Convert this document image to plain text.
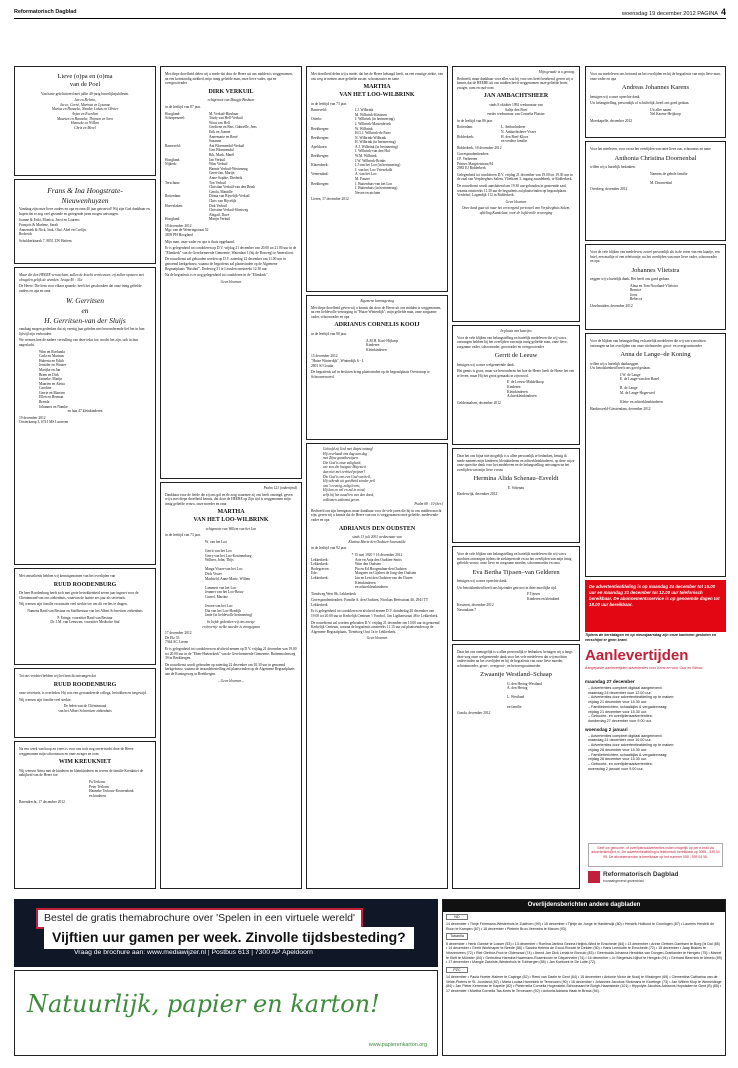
Reformatorisch Dagblad	woensdag 19 december 2012 PAGINA 4
Lieve (o)pa en (o)ma
van de Poel
Van harte gefeliciteerd met jullie 40-jarig huwelijksjubileum.
Jan en Helena,
Jacco, Cornè, Marinus en Lysanne
Marius en Hanneke, Nander, Lukas en Olivier
Arjan en Everdien
Maarten en Hanneke, Thijmen en Sven
Hanneke en Willem
Chris en Merel
Frans & Ina Hoogstrate-
Nieuwenhuyzen
Vandaag zijn onze lieve ouders en opa en oma 40 jaar getrouwd! Wij zijn God dankbaar en hopen dat er nog veel gezonde en gezegende jaren mogen ontvangen.
Joanne & Erikt, Monica, Joost en Laurens
François & Marlene, Sarah
Annemiek & Nick, Izak, Olaf, Abel en Corlijn
Roderick
Schokkerkaarsk 7, 8051 ZW Hattem
Maar die den HEERE verwachten, zullen de kracht vernieuwen; zij zullen opvaren met vleugelen gelijk de arenden. Jesaja 40 : 31a
De Heere, Die hem voor elkaar spaarde, heeft het geschonken dat onze innig geliefde ouders en opa en oma
W. Gerritsen
en
H. Gerritsen-van der Sluijs
vandaag mogen gedenken dat zij veertig jaar geleden met bewonderende lief het in hun lijfstijl zijn verbonden.
We wensen hen de nadere vervulling van deze tekst toe, mocht het zijn, ook in hun nageslacht.
Wim en Roelanda
Carla en Marinus
Hubertu en Edith
Jennifer en Wouter
Marijke en Jan
Bram en Dirk
Janneke, Marijn
Maarten en Aletta
Caroline
Gerrie en Marrien
Ellen en Herman
Brenda
Johannes en Namke
en hun 47 kleinkinderen
19 december 2012
Oosterkamp 3, 6741 MS Lunteren
Met ontsteltenis hebben wij kennisgenomen van het overlijden van
RUUD ROODENBURG
De heer Roodenburg heeft zich met grote betrokkenheid zeven jaar ingezet voor de Clientenraad van ons ziekenhuis, waarvan de laatste zes jaar als secretaris.
Wij wensen zijn familie en naasten veel sterkte toe om dit verlies te dragen.
Namens Raad van Bestuur en Staffbestuur van het Albert Schweitzer ziekenhuis
P. Eringa, voorzitter Raad van Bestuur
Dr. J.M. van Leeuwen, voorzitter Medische Staf
Tot ons verdriet hebben wij het bericht ontvangen dat
RUUD ROODENBURG
onze secretaris, is overleden. Hij was een gewaardeerde collega, betrokken en toegewijd.
Wij wensen zijn familie veel sterkte.
De leden van de Cliëntenraad
van het Albert Schweitzer ziekenhuis
Na een week van hoop en vrees is voor ons toch nog onverwacht door de Heere weggenomen mijn schoonzoon en onze zwager en oom
WIM KREUKNIET
Wij wensen Arina met de kinderen en kleinkinderen en tevens de familie Kreukniet de nabijheid van de Heere toe.
Pa Terlouw
Peter Terlouw
Hanneke Terlouw-Kronendonk
en kinderen
Barendrecht, 17 december 2012
Met diepe droefheid delen wij u mede dat door de Heere uit ons midden is weggenomen, na een kortstondig ziekbed, mijn innig geliefde man, onze lieve vader, opa en overgrootvader
DIRK VERKUIL
echtgenoot van Maagje Boshuar
in de leeftijd van 87 jaar.
Hoogland:	M. Verkuil-Bieshaar
Scherpenzeel:	Trudy van Hell-Verkuil
Wout van Hell
Gerdiene en Bert, Gabriëlle, Jens
Erik en Joanne
Annemarie en René
Suzanne
Barneveld:	Ant Bloemendal-Verkuil
Gert Bloemendal
Rik, Mark, Marël
Hoogland:	Jan Verkuil
Nijkerk:	Wim Verkuil
Hannie Verkuil-Westeneng
Geert-Jan, Marije,
Anne-Sophie, Diederik
Terschuur:	Ton Verkuil
Christian Verkuil-van den Brink
Carola, Mantille
Rotterdam:	Dirma van Bijvelijk-Verkuil
Chris van Bijvelijk
Hoevelaken:	Dirk Verkuil
Christine Verkuil-Sloetweg
Abigail, Dave
Hoogland:	Marijn Verkuil
18 december 2012
Mgr. van de Weteringstraat 52
3839 PH Hoogland
Mijn man, onze vader en opa is thuis opgebaard.
Er is gelegenheid tot condoleren op D.V. vrijdag 21 december van 20.00 tot 21.00 uur in de "Elimkerk" van de Gereformeerde Gemeente, Watenlaat 1 (hij de Bosweg) te Amersfoort.
De rouwdienst zal gehouden worden op D.V. zaterdag 22 december om 11.00 uur in genoemd kerkgebouw, waarna de begrafenis zal plaatsvinden op de Algemene Begraafplaats "Rusthof", Dodeweg 31 te Leusden omstreeks 12.30 uur.
Na de begrafenis is er nog gelegenheid tot condoleren in de "Elimkerk".
Geen bloemen
Psalm 121 (onberijmd)
Dankbaar voor de liefde die zij ons gaf en de zorg waarmee zij ons heeft omringd, geven wij u met diepe droefheid kennis, dat door de HEERE op Zijn tijd is weggenomen mijn innig geliefde vrouw, onze moeder en oma
MARTHA
VAN HET LOO-WILBRINK
echtgenote van Willem van het Loo
in de leeftijd van 73 jaar.
W. van het Loo

Gerrit van het Loo
Gerry van het Loo-Koninenburg
Wilbert, John, Thijs

Marga Visser-van het Loo
Dick Visser
Machteld, Anne-Marie, Willem

Lammert van het Loo
Jeannet van het Loo-Bouw
Cornel, Martine

Jeroen van het Loo
Dia van het Loo-Hoedijk
Jante (in liefdevolle herinnering)
In liefde gedenken wij ons zwesje
en broertje welke moeder is voorgegaan
17 december 2012
De Elz 35
7364 AC Lieren
Er is gelegenheid tot condoleren en afscheid nemen op D.V. vrijdag 21 december van 19.00 tot 20.00 uur in de "Eben-Haëzerkerk" van de Gereformeerde Gemeente, Buitenmolenweg 39 in Beekbergen.
De rouwdienst wordt gehouden op zaterdag 22 december om 10.30 uur in genoemd kerkgebouw, waarna de teraardebestelling zal plaatsvinden op de Algemene Begraafplaats aan de Koningsweg in Beekbergen.
– Geen bloemen –
Met droefheid delen wij u mede, dat het de Heere behaagd heeft, na een ernstige ziekte, van ons weg te nemen onze geliefde zuster, schoonzuster en tante
MARTHA
VAN HET LOO-WILBRINK
in de leeftijd van 73 jaar.
Barneveld:	J.J. Wilbrink
M. Wilbrink-Klaassen
Otterlo:	J. Wilbrink (in herinnering)
J. Wilbrink-Mastenbroek
Beekbergen:	W. Wilbrink
H.G.J. Wilbrink-de Pater
Beekbergen:	N. Wilbrink-Wilbrink
H. Wilbrink (in herinnering)
Apeldoorn:	A.J. Wilbrink (in herinnering)
J. Wilbrink-van den Hul
Beekbergen:	W.M. Wilbrink
J.W. Wilbrink-Brinks
Klarenbeek:	J.J.van het Loo (in herinnering)
J. van het Loo-Vriezekolk
Veenendaal:	A. van het Loo
M. Fauzer
Beekbergen:	J. Buitenhuis-van het Loo
J. Buitenhuis (in herinnering)
Neven en nichten
Lieren, 17 december 2012
Algemene kennisgeving
Met diepe droefheid geven wij u kennis dat door de Heere uit ons midden is weggenomen, na een liefdevolle verzorging in "Huize Winterdijk", mijn geliefde man, onze zorgzame vader, schoonvader en opa
ADRIANUS CORNELIS KOOIJ
in de leeftijd van 90 jaar.
A.M.H. Kooi-Hijkoop
Kinderen
Kleinkinderen
15 december 2012
"Huize Winterdijk", Winterdijk 6 - 4
2801 SJ Gouda
De begrafenis zal in besloten kring plaatsvinden op de begraafplaats Overtatoop te Schoonrewoerd.
Geloofd zij God met diepst ontzag!
Hij overlaadt ons dag aan dag
met Zijne gunstbewijzen.
Die God is onze zaligheid;
wie zou die hooguw Majesteit
dan niet met eerbied prijzen?
Die God is ons een God van heil,
Hij schenkt uit goedheid zonder peil
ons 't eeuwig, zalig leven;
Hij kan en wil en zal in nood,
zelfs bij het naad'ren van den dood,
volkomen uitkomst geven.
Psalm 68 : 10 (ber.)
Bedroefd om zijn heengaan, maar dankbaar voor de vele jaren die hij in ons midden mocht zijn, geven wij u kennis dat de Heere van ons is weggenomen onze geliefde, medevende vader en opa
ADRIANUS DEN OUDSTEN
sinds 13 juli 2001 weduwnaar van
Klazina Maria den Oudsten-Jaarsoulde
in de leeftijd van 92 jaar.
* 15 mei 1920 † 16 december 2012
Lekkerkerk:	Arie en Anja den Oudsten-Smits
Lekkerkerk:	Wim den Oudsten
Bodegraven:	Pia en Ed Hoogendam-den Oudsten
Ede:	Margreet en Gijsbert de Jong-den Oudsten
Lekkerkerk:	Jan en Leni den Oudsten-van der Dusen
Kleinkinderen
en achterkleinkinderen
Tiendweg West 8b, Lekkerkerk
Correspondentieadres: Familie A. den Oudsten, Nicolaas Beetsstraat 46, 2941 TT Lekkerkerk
Er is gelegenheid tot condoleren en afscheid nemen D.V. donderdag 20 december van 19.00 tot 20.00 uur in Kerkelijk Centrum 't Voorhof, Jan Ligthartstraat 48 te Lekkerkerk.
De rouwdienst zal worden gehouden D.V. vrijdag 21 december om 10.00 uur in genoemd Kerkelijk Centrum, waarna de begrafenis omstreeks 11.15 uur zal plaatsvinden op de Algemene Begraafplaats, Tiendweg Oost 1a te Lekkerkerk.
Geen bloemen
Mijn genade is u genoeg.
Bedroefd, maar dankbaar voor alles wat hij voor ons heeft betekend, geven wij u kennis dat de HEERE uit ons midden heeft weggenomen onze geliefde broer, zwager, oom en oud-oom
JAN AMBACHTSHEER
sinds 8 oktober 1992 weduwnaar van
Aaltje den Boef
eerder weduwnaar van Cornelia Plaisier
in de leeftijd van 86 jaar.
Rotterdam:	L. Ambachtsheer
N. Ambachtsheer-Visser
Ridderkerk:	H. den Boef-Kloos
en verdere familie
Ridderkerk, 18 december 2012
Correspondentieadres:
J.P. Verheeren
Prinses Margrietstraat 84
2983 EJ Ridderkerk
Gelegenheid tot condoleren D.V. vrijdag 21 december van 19.00 tot 19.30 uur in de zaal van Verpleeghuis Salem, Vliethzen 3, ingang zuurdebeek, te Ridderkerk.
De rouwdienst wordt aansluitend om 19.30 uur gehouden in genoemde zaal, waarna omstreeks 11.30 uur de begrafenis zal plaatsvinden op begraafplaats Vredehof, Lagendijk 112 in Ridderkerk.
Geen bloemen
Onze dank gaat uit naar het verzorgend personeel van Verpleeghuis Salem, afdeling Kandelaar, voor de liefdevolle verzorging
In plaats van kaartjes
Voor de vele blijken van belangstelling en hartelijk medeleven die wij van u ontvangen hebben bij het overlijden van mijn innig geliefde man, onze lieve, zorgzame vader, schoonvader, grootvader en overgrootvader
Gerrit de Leeuw
betuigen wij u onze welgemeende dank.
Het gemis is groot, maar we bewonderen het hoe de Heere heeft de Heere het een te leven, maar Hij het groot gemaakt in zijn nood.
E. de Leeuw-Middelkoop
Kinderen
Kleinkinderen
Achterkleinkinderen
Geldermalsen, december 2012
Daar het ons bijna niet mogelijk is u allen persoonlijk te bedanken, betuig ik mede namens mijn kinderen, kleinkinderen en achterkleinkinderen, op deze wijze onze oprechte dank voor het medeleven en de belangstelling ontvangen na het overlijden van mijn lieve vrouw
Hermina Alida Schenau–Esveldt
E. Schenau
Harderwijk, december 2012
Voor de vele blijken van belangstelling en hartelijk medeleven die wij van u mochten ontvangen tijdens de ziekteperiode en na het overlijden van mijn innig geliefde vrouw, onze lieve en zorgzame moeder, schoonmoeder en oma
Eva Bertha Tijssen–van Gelderen
betuigen wij u onze oprechte dank.
Uw betrokkenheid heeft ons bijzonder getroost in deze moeilijke tijd.
F.Tijssen
Kinderen en kleinkind
Kesteren, december 2012
Nassaulaan 7
Daar het ons onmogelijk is u allen persoonlijk te bedanken, betuigen wij u langs deze weg onze welgemeende dank voor het vele medeleven dat wij mochten ondervinden na het overlijden en bij de begrafenis van onze lieve moeder, schoonmoeder, groot-, overgroot-, en betovergrootmoeder
Zwaantje Westland–Schaap
G. den Hertog-Westland
A. den Hertog

L. Westland

en familie
Gouda, december 2012
Voor uw medeleven ons betoond na het overlijden en bij de begrafenis van mijn lieve man, onze vader en opa
Andreas Johannes Karens
betuigen wij u onze oprechte dank.
Uw belangstelling, persoonlijk of schriftelijk, heeft ons goed gedaan.
Uit aller naam:
Nel Karens-Heijkoop
Moerkapelle, december 2012
Voor het meeleven, voor en na het overlijden van onze lieve zus, schoonzus en tante
Anthonia Christina Doornenbal
willen wij u hartelijk bedanken.
Namens de gehele familie

M. Doornenbal
Overberg, december 2012
Voor de vele blijken van medeleven, zowel persoonlijk als in de vorm van een kaartje, een brief, een mailtje of een telefoontje, na het overlijden van onze lieve vader, schoonvader en opa
Johannes Vlietstra
zeggen wij u hartelijk dank. Het heeft ons goed gedaan.
Alma en Tom Noorland-Vlietstra
Bernice
Joost
Rebecca
IJsselmuiden, december 2012
Voor de blijken van belangstelling en hartelijk medeleven die wij van u mochten ontvangen na het overlijden van onze stiefmoeder, groot- en overgrootmoeder
Anna de Lange–de Koning
willen wij u hartelijk dankzeggen.
Uw betrokkenheid heeft ons goed gedaan.
J.W. de Lange
E. de Lange-van den Hazel

R. de Lange
M. de Lange-Hogerwerf

Klein- en achterkleinkinderen
Hardinxveld-Giessendam, december 2012
De advertentieafdeling is op maandag 24 december tot 15.00 uur en maandag 31 december tot 12.00 uur telefonisch bereikbaar. De abonnementsservice is op genoemde dagen tot 18.00 uur bereikbaar.
Tijdens de kerstdagen en op nieuwjaarsdag zijn onze kantoren gesloten en verschijnt er geen krant.
Aanlevertijden
Aangepaste aanlevertijden advertenties voor Kerst en voor Oud en Nieuw.
maandag 27 december
– Advertenties compleet digitaal aangeleverd:
maandag 24 december voor 12.00 uur.
– Advertenties door advertentieafdeling op te maken:
vrijdag 21 december voor 15.30 uur.
– Familieberichten, schaalkijks & vergadervraag:
vrijdag 21 december voor 15.30 uur.
– Geboorte- en overlijdensadvertenties:
donderdag 27 december voor 9.00 uur.
woensdag 2 januari
– Advertenties compleet digitaal aangeleverd:
maandag 31 december voor 10.00 uur.
– Advertenties door advertentieafdeling op te maken:
vrijdag 28 december voor 15.30 uur.
– Familieberichten, schaalkijks & vergadervraag:
vrijdag 28 december voor 15.30 uur.
– Geboorte- en overlijdensadvertenties:
woensdag 2 januari voor 9.00 uur.
Geef uw geboorte- of overlijdensadvertenties indien mogelijk op per e-mail via advertenties@rd.nl. De advertentieafdeling is telefonisch bereikbaar op 0055 - 539 04 99. De abonneeservice is bereikbaar op het nummer 055 - 539 04 98.
Reformatorisch Dagblad
toonaangevend gezinsblad
Bestel de gratis themabrochure over 'Spelen in een virtuele wereld'
Vijftien uur gamen per week. Zinvolle tijdsbesteding?
Vraag de brochure aan: www.mediawijzer.nl | Postbus 613 | 7300 AP Apeldoorn
Natuurlijk, papier en karton!
www.papierenkarton.org
Overlijdensberichten andere dagbladen
ND
14 december • Thirje Frimmann-Westerhuis te Zuidhorn (99) • 15 december • Tijntje de Jonge te Harderwijk (80) • Hendrik Holtlund te Groningen (87) • Laurens Hendrik de Roon te Kampen (87) • 16 december • Pieterie Bron-Veenstra te Marum (93).
Tubantia
8 december • Henk Gamse te Losser (53) • 13 december • Roelina Jantina Gezina Heijink-Wind te Enschede (84) • 13 december • Annie Gertner-Garritsen te Borg (bi Dal (85) • 14 december • Gerrit Wortmaper te Neede (56) • Sandra Helena de Groot-Roodel te Delden (50) • Hans Leerkotte te Enschede (72) • 15 december • Jaap Brabes te Vriezenveen (72) • Riet Giethor-Poot te Oldenzaal (74) • Arend Jan Dick Lenak te Borculo (83) • Geertruida Johanna Hendrika van Dongen-Oostlander te Hengelo (75) • Marcel te Kieft te Münster (64) • Gertrutina Harmina Haarmann-Rosenboom te Diepenheim (74) • 16 december • Jo Stegehuis-Nijhof te Hengelo (91) • Gerhard Beernink te Almelo (89) • 17 december • Mangie Zwiolste-Westerhuis te Tubbergen (85) • Jan Koekoek te De Lutte (72).
PZC
14 december • Paula Hoeter-Haimer te Capinge (82) • Remi van Daele te Gent (84) • 15 december • Antonie Victor de Noolj te Vlissingen (69) • Clementina Catharina van de Velde-Pieters te St. Joosland (92) • Maria Louisa Hamekink te Terneuzen (90) • 16 december • Johannes Jacobus Stokmans te Kloetinge (73) • Jan Willem Klop te Wemeldinge (84) • Jan Pieter Kerreman te Kapelle (82) • Pieternella Cornelia Hogenstein-Schoonaard te Burgh-Haamstede (101) • Hippolyte Jacobus Adrianus Hopstaken te Gent (B) (85) • 17 december • Martha Cornelia Tas-Kerts te Terneuzen (92) • Antonia Adriana Haak te Breda (94).
